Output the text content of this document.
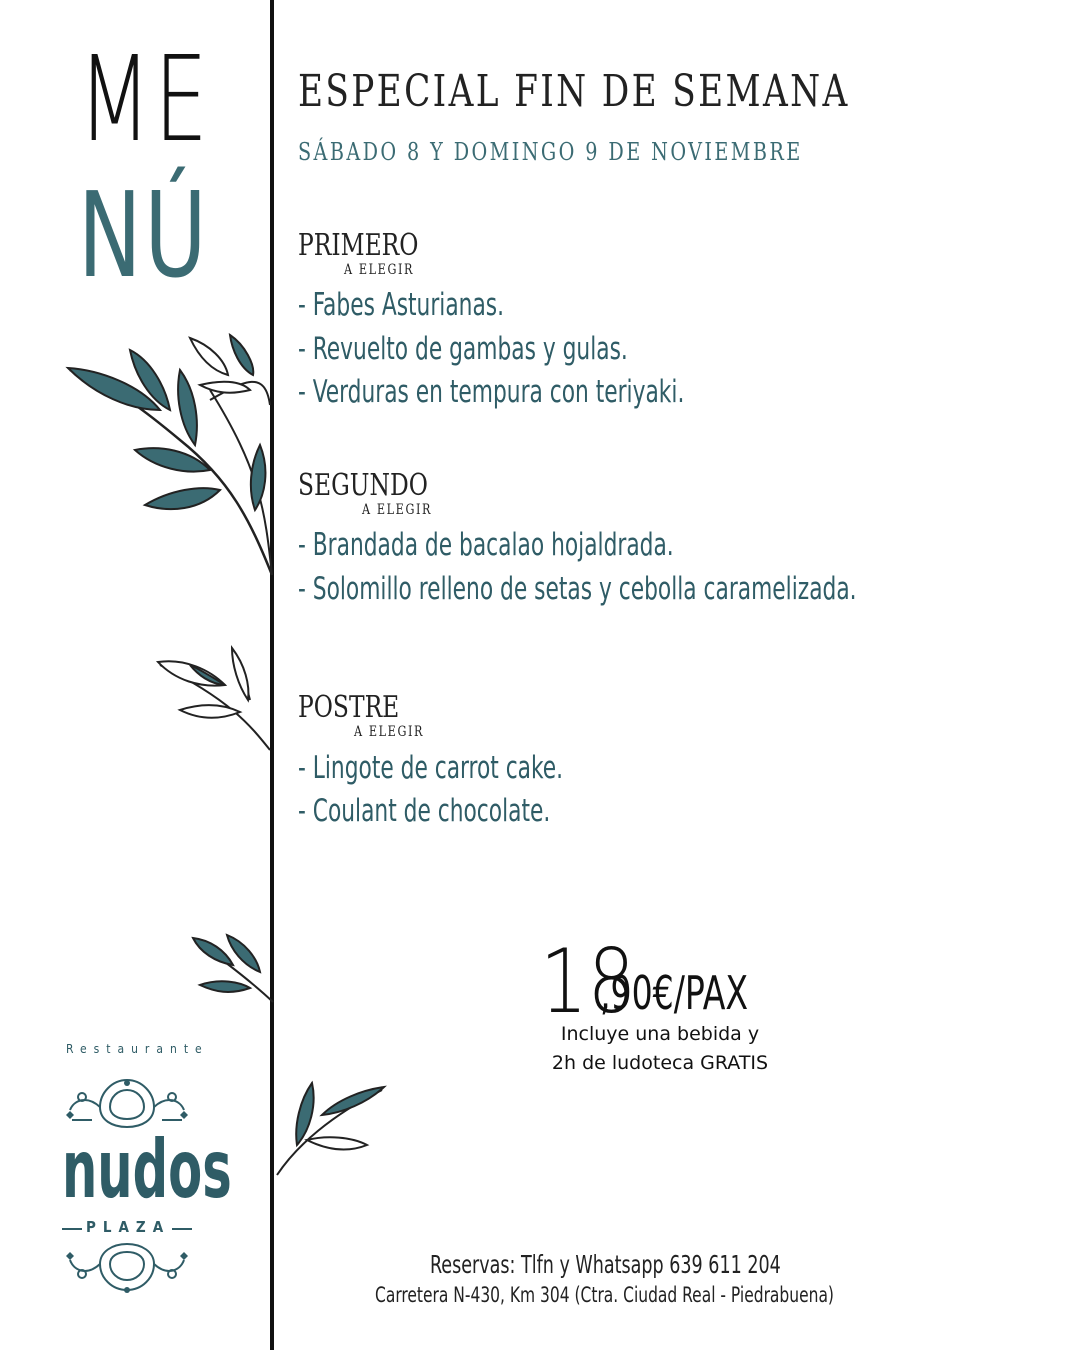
ME
NÚ
ESPECIAL FIN DE SEMANA
SÁBADO 8 Y DOMINGO 9 DE NOVIEMBRE
PRIMERO
A ELEGIR
- Fabes Asturianas.
- Revuelto de gambas y gulas.
- Verduras en tempura con teriyaki.
SEGUNDO
A ELEGIR
- Brandada de bacalao hojaldrada.
- Solomillo relleno de setas y cebolla caramelizada.
POSTRE
A ELEGIR
- Lingote de carrot cake.
- Coulant de chocolate.
18
,90€/PAX
Incluye una bebida y
2h de ludoteca GRATIS
Reservas: Tlfn y Whatsapp 639 611 204
Carretera N-430, Km 304 (Ctra. Ciudad Real - Piedrabuena)
Restaurante
nudos
PLAZA
